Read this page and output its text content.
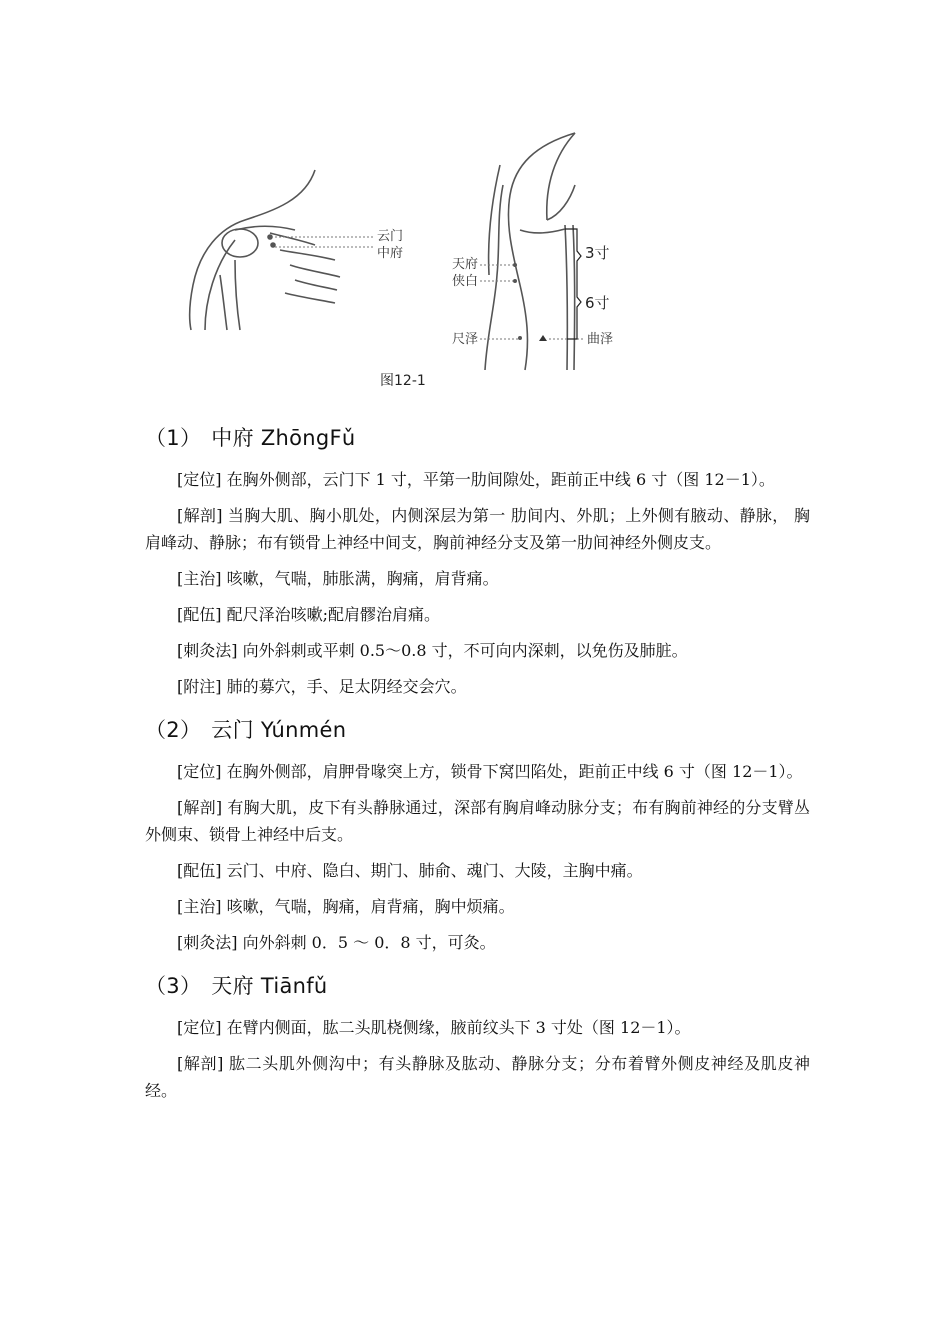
云门
中府
天府
侠白
尺泽	曲泽
3寸
6寸
图12-1
（1） 中府 ZhōngFǔ

[定位] 在胸外侧部，云门下 1 寸，平第一肋间隙处，距前正中线 6 寸（图 12－1）。

[解剖] 当胸大肌、胸小肌处，内侧深层为第一 肋间内、外肌；上外侧有腋动、静脉， 胸肩峰动、静脉；布有锁骨上神经中间支，胸前神经分支及第一肋间神经外侧皮支。

[主治] 咳嗽，气喘，肺胀满，胸痛，肩背痛。

[配伍] 配尺泽治咳嗽;配肩髎治肩痛。

[刺灸法] 向外斜刺或平刺 0.5～0.8 寸，不可向内深刺，以免伤及肺脏。

[附注] 肺的募穴，手、足太阴经交会穴。

（2） 云门 Yúnmén

[定位] 在胸外侧部，肩胛骨喙突上方，锁骨下窝凹陷处，距前正中线 6 寸（图 12－1）。

[解剖] 有胸大肌，皮下有头静脉通过，深部有胸肩峰动脉分支；布有胸前神经的分支臂丛外侧束、锁骨上神经中后支。

[配伍] 云门、中府、隐白、期门、肺俞、魂门、大陵，主胸中痛。

[主治] 咳嗽，气喘，胸痛，肩背痛，胸中烦痛。

[刺灸法] 向外斜刺 0．5 ～ 0．8 寸，可灸。

（3） 天府 Tiānfǔ

[定位] 在臂内侧面，肱二头肌桡侧缘，腋前纹头下 3 寸处（图 12－1）。

[解剖] 肱二头肌外侧沟中；有头静脉及肱动、静脉分支；分布着臂外侧皮神经及肌皮神经。
